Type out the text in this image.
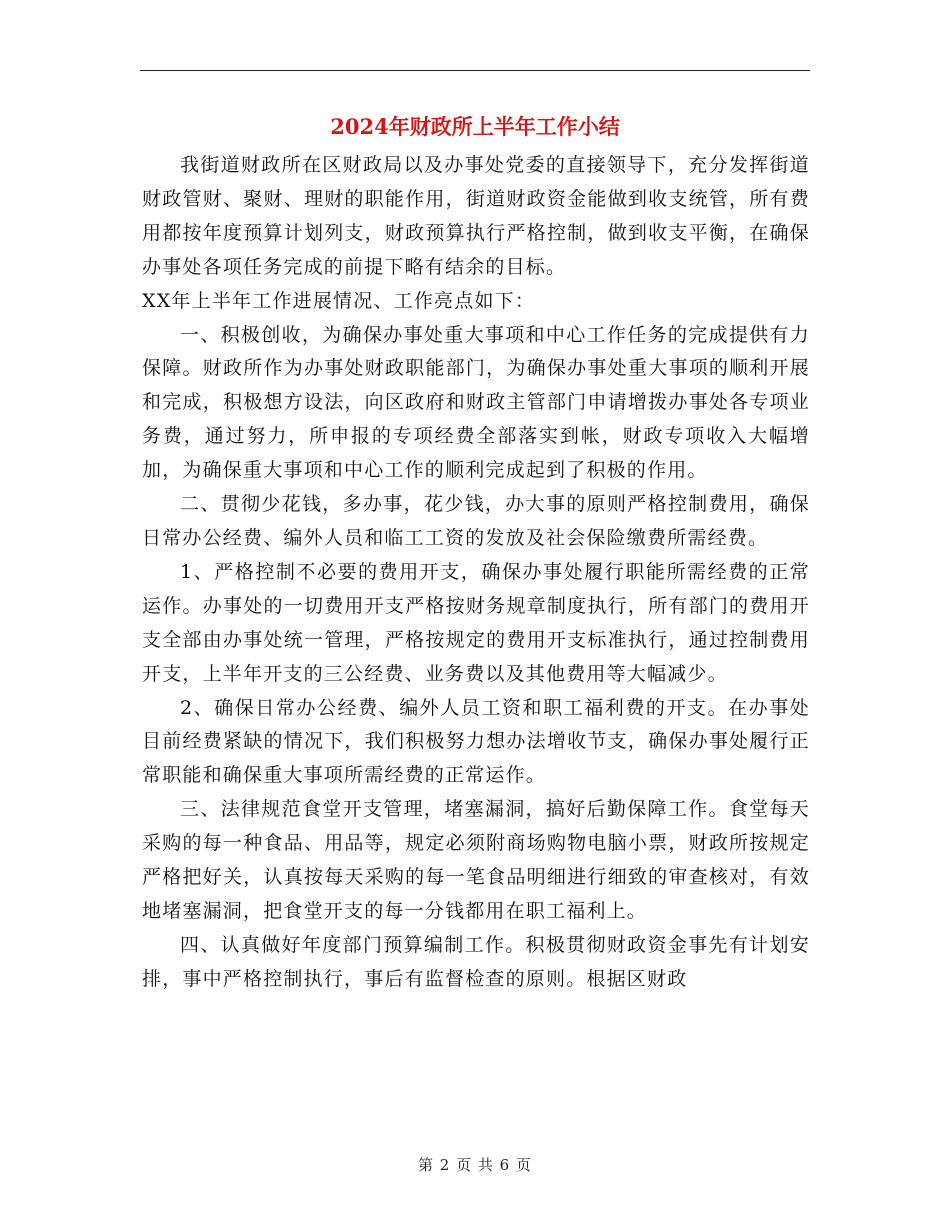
2024年财政所上半年工作小结

我街道财政所在区财政局以及办事处党委的直接领导下，充分发挥街道财政管财、聚财、理财的职能作用，街道财政资金能做到收支统管，所有费用都按年度预算计划列支，财政预算执行严格控制，做到收支平衡，在确保办事处各项任务完成的前提下略有结余的目标。

XX年上半年工作进展情况、工作亮点如下：

一、积极创收，为确保办事处重大事项和中心工作任务的完成提供有力保障。财政所作为办事处财政职能部门，为确保办事处重大事项的顺利开展和完成，积极想方设法，向区政府和财政主管部门申请增拨办事处各专项业务费，通过努力，所申报的专项经费全部落实到帐，财政专项收入大幅增加，为确保重大事项和中心工作的顺利完成起到了积极的作用。

二、贯彻少花钱，多办事，花少钱，办大事的原则严格控制费用，确保日常办公经费、编外人员和临工工资的发放及社会保险缴费所需经费。

1、严格控制不必要的费用开支，确保办事处履行职能所需经费的正常运作。办事处的一切费用开支严格按财务规章制度执行，所有部门的费用开支全部由办事处统一管理，严格按规定的费用开支标准执行，通过控制费用开支，上半年开支的三公经费、业务费以及其他费用等大幅减少。

2、确保日常办公经费、编外人员工资和职工福利费的开支。在办事处目前经费紧缺的情况下，我们积极努力想办法增收节支，确保办事处履行正常职能和确保重大事项所需经费的正常运作。

三、法律规范食堂开支管理，堵塞漏洞，搞好后勤保障工作。食堂每天采购的每一种食品、用品等，规定必须附商场购物电脑小票，财政所按规定严格把好关，认真按每天采购的每一笔食品明细进行细致的审查核对，有效地堵塞漏洞，把食堂开支的每一分钱都用在职工福利上。

四、认真做好年度部门预算编制工作。积极贯彻财政资金事先有计划安排，事中严格控制执行，事后有监督检查的原则。根据区财政

第 2 页 共 6 页
